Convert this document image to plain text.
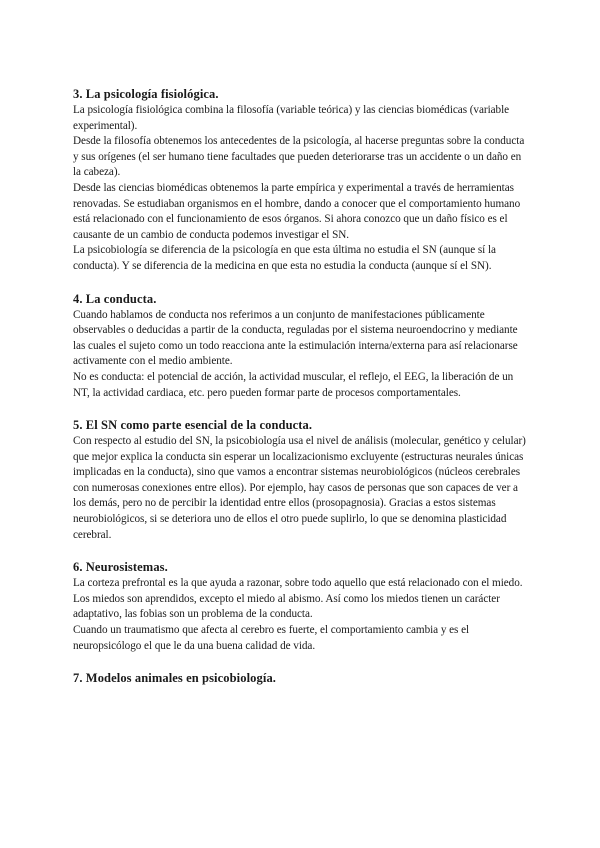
3. La psicología fisiológica.

La psicología fisiológica combina la filosofía (variable teórica) y las ciencias biomédicas (variable experimental).

Desde la filosofía obtenemos los antecedentes de la psicología, al hacerse preguntas sobre la conducta y sus orígenes (el ser humano tiene facultades que pueden deteriorarse tras un accidente o un daño en la cabeza).

Desde las ciencias biomédicas obtenemos la parte empírica y experimental a través de herramientas renovadas. Se estudiaban organismos en el hombre, dando a conocer que el comportamiento humano está relacionado con el funcionamiento de esos órganos. Si ahora conozco que un daño físico es el causante de un cambio de conducta podemos investigar el SN.

La psicobiología se diferencia de la psicología en que esta última no estudia el SN (aunque sí la conducta). Y se diferencia de la medicina en que esta no estudia la conducta (aunque sí el SN).

4. La conducta.

Cuando hablamos de conducta nos referimos a un conjunto de manifestaciones públicamente observables o deducidas a partir de la conducta, reguladas por el sistema neuroendocrino y mediante las cuales el sujeto como un todo reacciona ante la estimulación interna/externa para así relacionarse activamente con el medio ambiente.

No es conducta: el potencial de acción, la actividad muscular, el reflejo, el EEG, la liberación de un NT, la actividad cardiaca, etc. pero pueden formar parte de procesos comportamentales.

5. El SN como parte esencial de la conducta.

Con respecto al estudio del SN, la psicobiología usa el nivel de análisis (molecular, genético y celular) que mejor explica la conducta sin esperar un localizacionismo excluyente (estructuras neurales únicas implicadas en la conducta), sino que vamos a encontrar sistemas neurobiológicos (núcleos cerebrales con numerosas conexiones entre ellos). Por ejemplo, hay casos de personas que son capaces de ver a los demás, pero no de percibir la identidad entre ellos (prosopagnosia). Gracias a estos sistemas neurobiológicos, si se deteriora uno de ellos el otro puede suplirlo, lo que se denomina plasticidad cerebral.

6. Neurosistemas.

La corteza prefrontal es la que ayuda a razonar, sobre todo aquello que está relacionado con el miedo.

Los miedos son aprendidos, excepto el miedo al abismo. Así como los miedos tienen un carácter adaptativo, las fobias son un problema de la conducta.

Cuando un traumatismo que afecta al cerebro es fuerte, el comportamiento cambia y es el neuropsicólogo el que le da una buena calidad de vida.

7. Modelos animales en psicobiología.
